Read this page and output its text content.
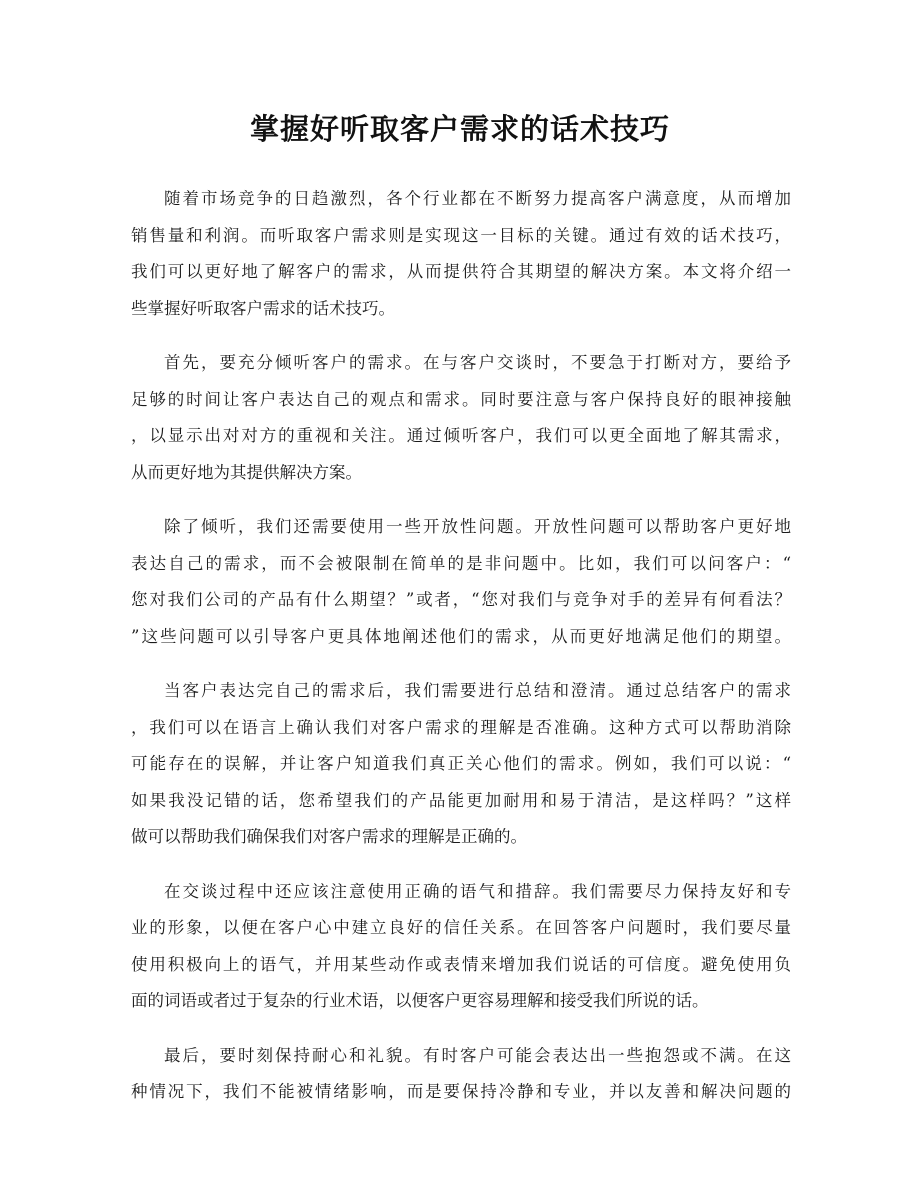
掌握好听取客户需求的话术技巧

随着市场竞争的日趋激烈，各个行业都在不断努力提高客户满意度，从而增加
销售量和利润。而听取客户需求则是实现这一目标的关键。通过有效的话术技巧，
我们可以更好地了解客户的需求，从而提供符合其期望的解决方案。本文将介绍一
些掌握好听取客户需求的话术技巧。

首先，要充分倾听客户的需求。在与客户交谈时，不要急于打断对方，要给予
足够的时间让客户表达自己的观点和需求。同时要注意与客户保持良好的眼神接触
，以显示出对对方的重视和关注。通过倾听客户，我们可以更全面地了解其需求，
从而更好地为其提供解决方案。

除了倾听，我们还需要使用一些开放性问题。开放性问题可以帮助客户更好地
表达自己的需求，而不会被限制在简单的是非问题中。比如，我们可以问客户：“
您对我们公司的产品有什么期望？”或者，“您对我们与竞争对手的差异有何看法？
”这些问题可以引导客户更具体地阐述他们的需求，从而更好地满足他们的期望。

当客户表达完自己的需求后，我们需要进行总结和澄清。通过总结客户的需求
，我们可以在语言上确认我们对客户需求的理解是否准确。这种方式可以帮助消除
可能存在的误解，并让客户知道我们真正关心他们的需求。例如，我们可以说：“
如果我没记错的话，您希望我们的产品能更加耐用和易于清洁，是这样吗？”这样
做可以帮助我们确保我们对客户需求的理解是正确的。

在交谈过程中还应该注意使用正确的语气和措辞。我们需要尽力保持友好和专
业的形象，以便在客户心中建立良好的信任关系。在回答客户问题时，我们要尽量
使用积极向上的语气，并用某些动作或表情来增加我们说话的可信度。避免使用负
面的词语或者过于复杂的行业术语，以便客户更容易理解和接受我们所说的话。

最后，要时刻保持耐心和礼貌。有时客户可能会表达出一些抱怨或不满。在这
种情况下，我们不能被情绪影响，而是要保持冷静和专业，并以友善和解决问题的
